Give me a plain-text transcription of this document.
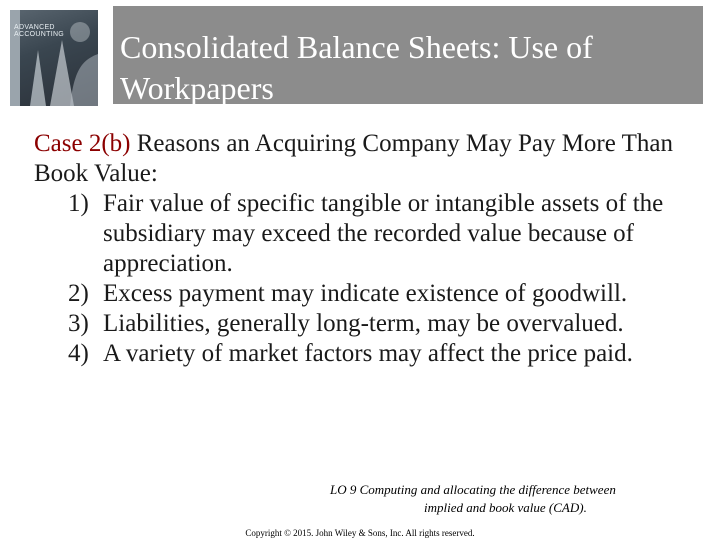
ADVANCED ACCOUNTING	Consolidated Balance Sheets: Use of Workpapers
Case 2(b) Reasons an Acquiring Company May Pay More Than Book Value:
1) Fair value of specific tangible or intangible assets of the subsidiary may exceed the recorded value because of appreciation.
2) Excess payment may indicate existence of goodwill.
3) Liabilities, generally long-term, may be overvalued.
4) A variety of market factors may affect the price paid.
LO 9 Computing and allocating the difference between
implied and book value (CAD).
Copyright © 2015. John Wiley & Sons, Inc. All rights reserved.
